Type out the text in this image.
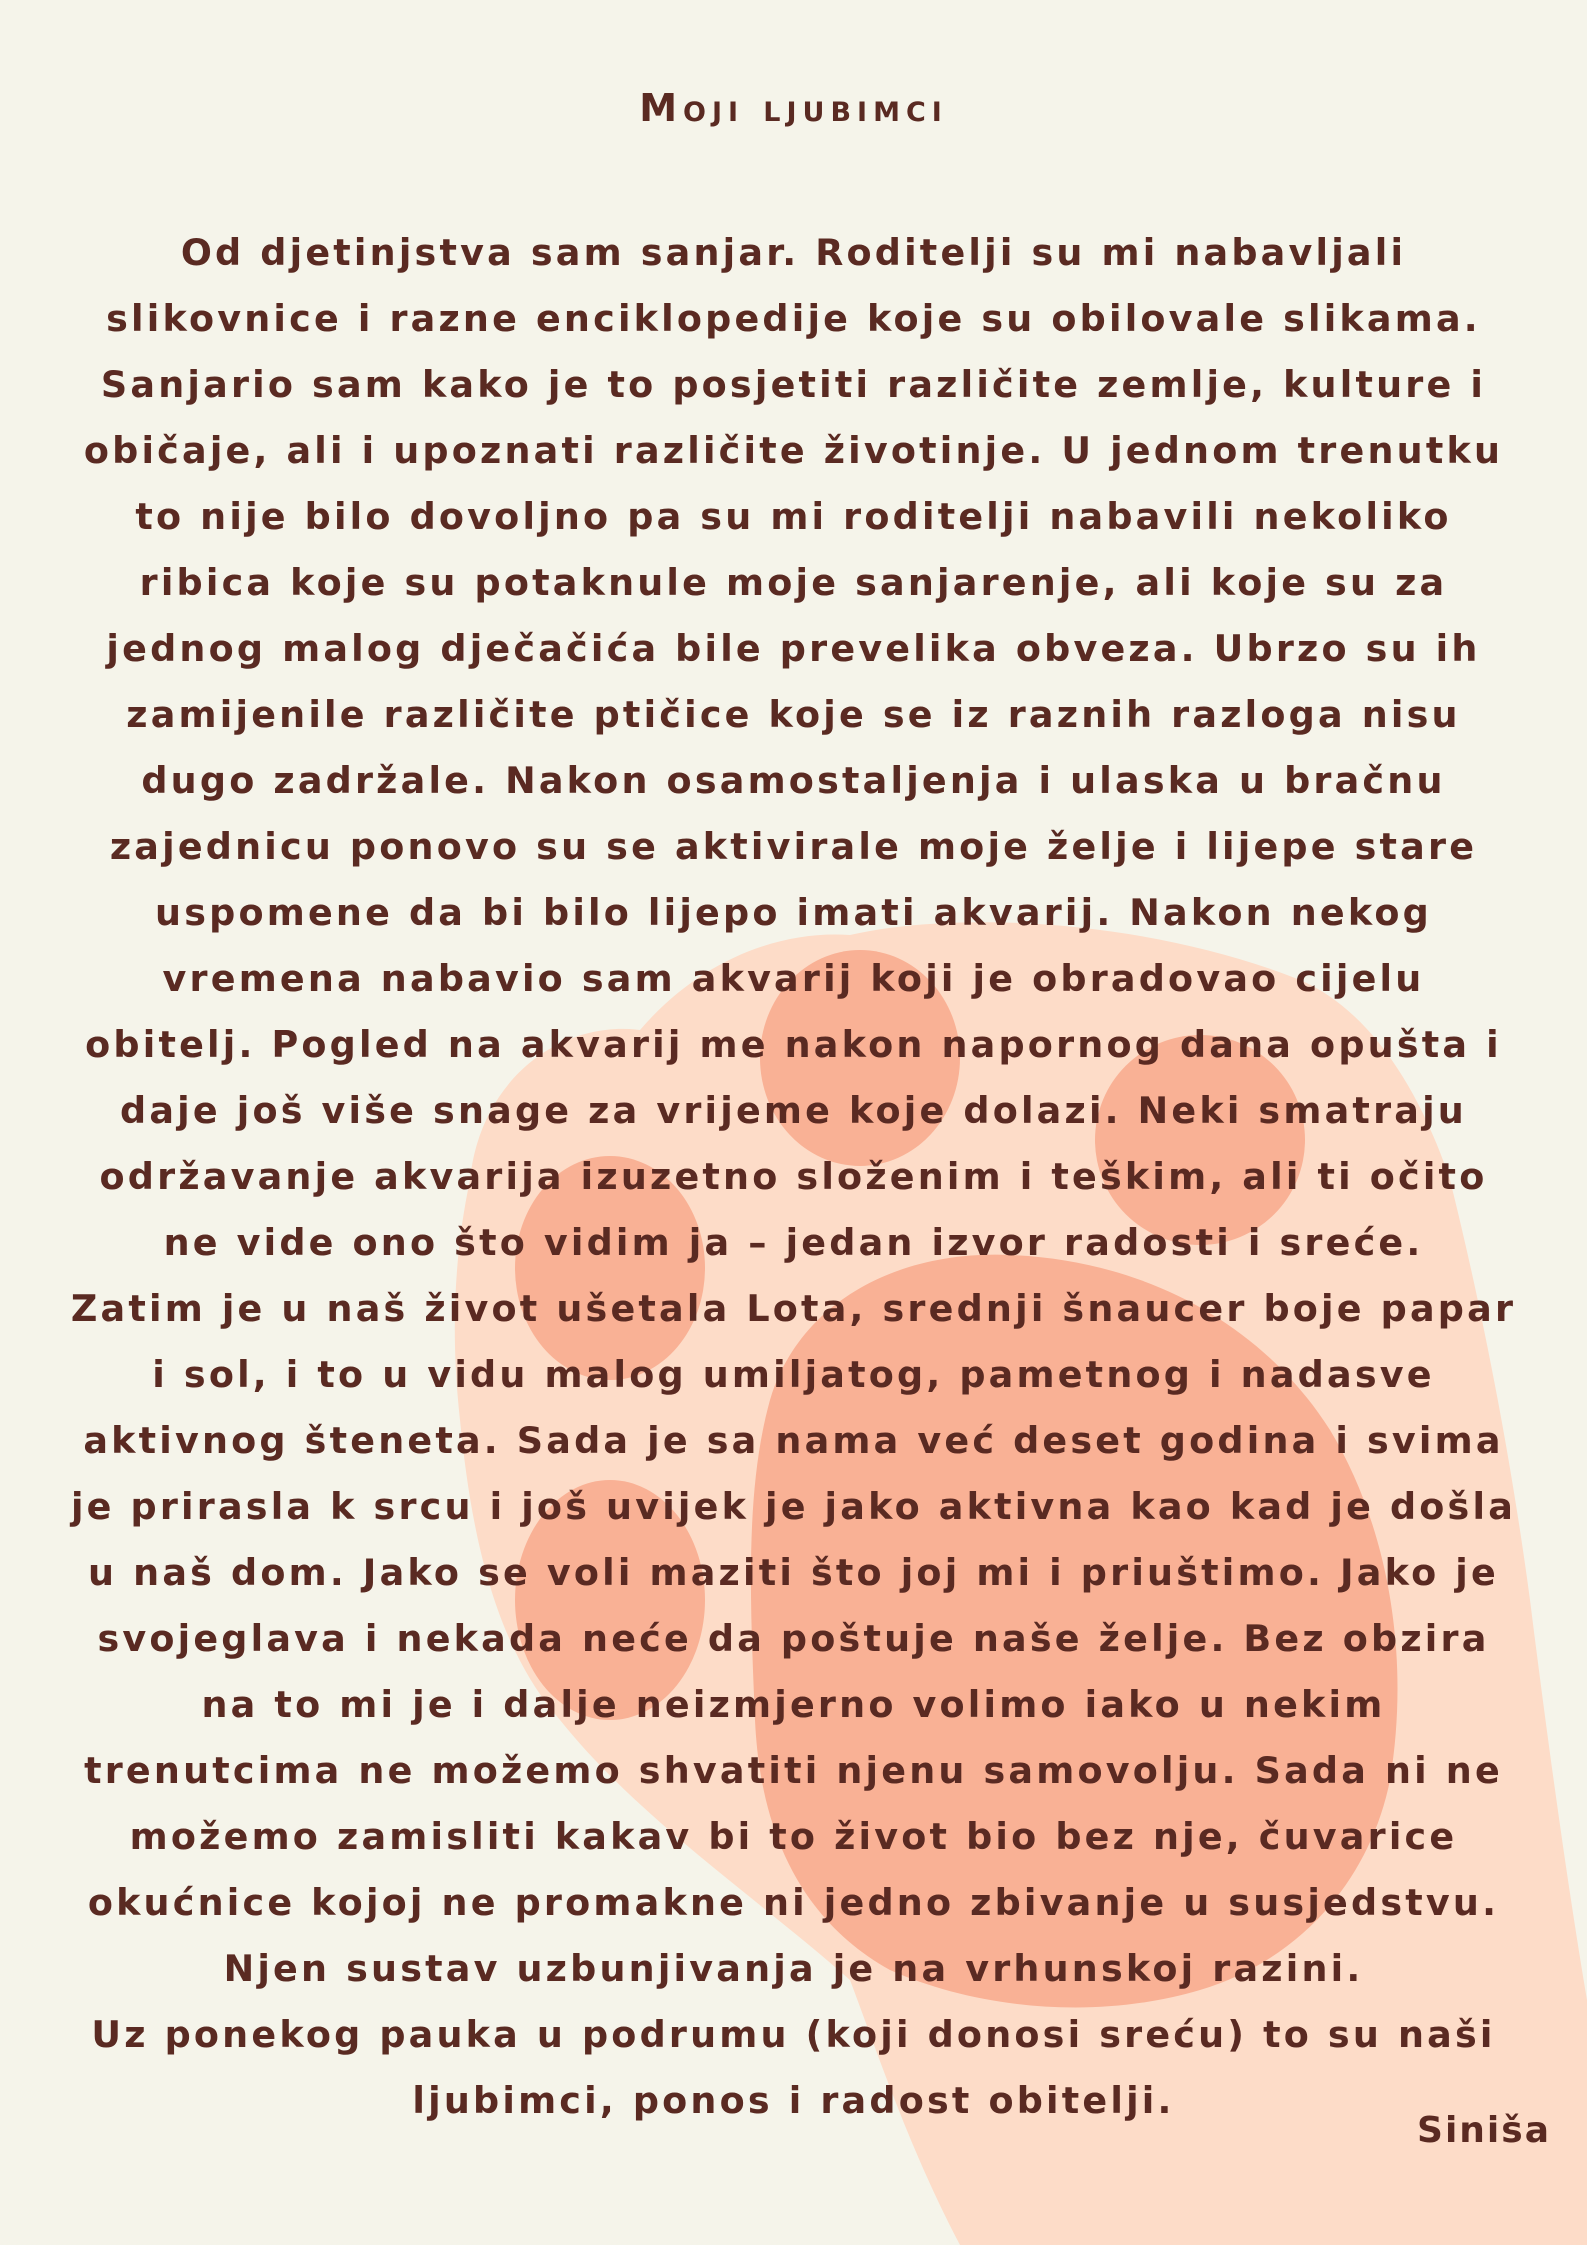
Moji ljubimci

Od djetinjstva sam sanjar. Roditelji su mi nabavljali slikovnice i razne enciklopedije koje su obilovale slikama. Sanjario sam kako je to posjetiti različite zemlje, kulture i običaje, ali i upoznati različite životinje. U jednom trenutku to nije bilo dovoljno pa su mi roditelji nabavili nekoliko ribica koje su potaknule moje sanjarenje, ali koje su za jednog malog dječačića bile prevelika obveza. Ubrzo su ih zamijenile različite ptičice koje se iz raznih razloga nisu dugo zadržale. Nakon osamostaljenja i ulaska u bračnu zajednicu ponovo su se aktivirale moje želje i lijepe stare uspomene da bi bilo lijepo imati akvarij. Nakon nekog vremena nabavio sam akvarij koji je obradovao cijelu obitelj. Pogled na akvarij me nakon napornog dana opušta i daje još više snage za vrijeme koje dolazi. Neki smatraju održavanje akvarija izuzetno složenim i teškim, ali ti očito ne vide ono što vidim ja – jedan izvor radosti i sreće.

Zatim je u naš život ušetala Lota, srednji šnaucer boje papar i sol, i to u vidu malog umiljatog, pametnog i nadasve aktivnog šteneta. Sada je sa nama već deset godina i svima je prirasla k srcu i još uvijek je jako aktivna kao kad je došla u naš dom. Jako se voli maziti što joj mi i priuštimo. Jako je svojeglava i nekada neće da poštuje naše želje. Bez obzira na to mi je i dalje neizmjerno volimo iako u nekim trenutcima ne možemo shvatiti njenu samovolju. Sada ni ne možemo zamisliti kakav bi to život bio bez nje, čuvarice okućnice kojoj ne promakne ni jedno zbivanje u susjedstvu. Njen sustav uzbunjivanja je na vrhunskoj razini.

Uz ponekog pauka u podrumu (koji donosi sreću) to su naši ljubimci, ponos i radost obitelji.

Siniša
